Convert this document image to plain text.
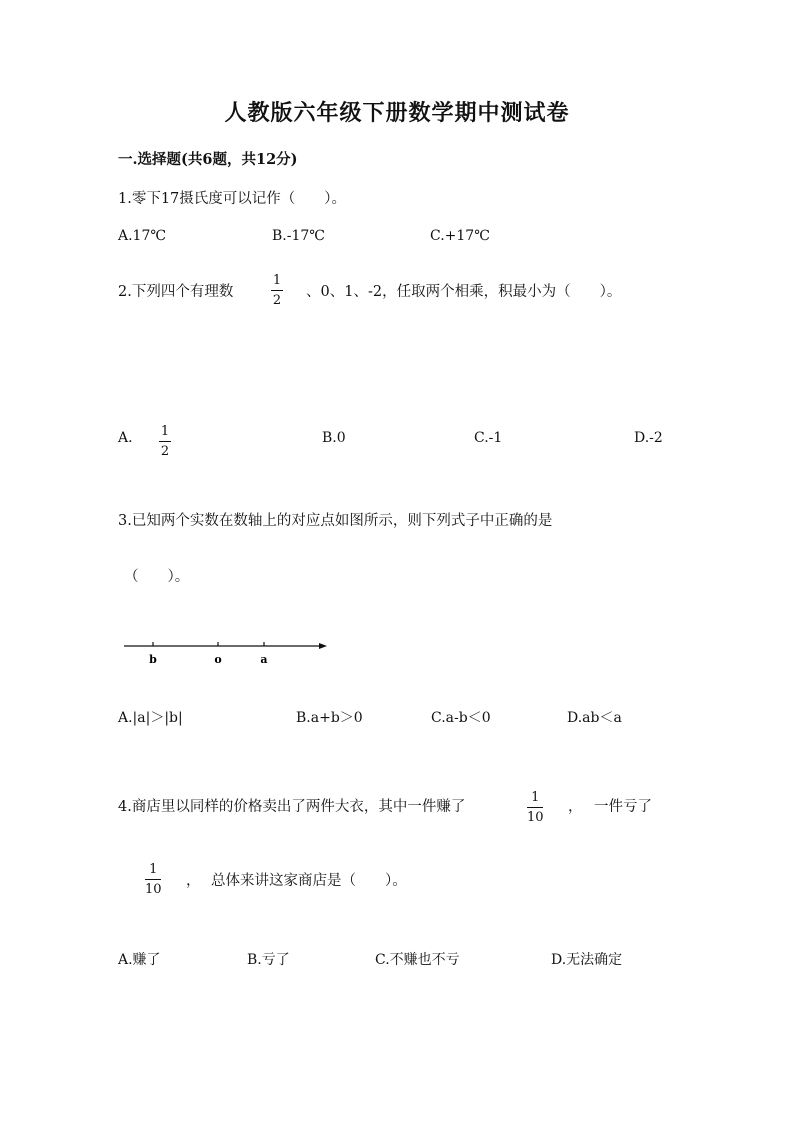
人教版六年级下册数学期中测试卷
一.选择题(共6题，共12分)
1.零下17摄氏度可以记作（　　）。
A.17℃	B.-17℃	C.+17℃
2.下列四个有理数
1
2
、0、1、-2，任取两个相乘，积最小为（　　）。
A. 1
2
B.0	C.-1	D.-2
3.已知两个实数在数轴上的对应点如图所示，则下列式子中正确的是
（　　）。
b	o	a
A.|a|＞|b|	B.a+b＞0	C.a-b＜0	D.ab＜a
4.商店里以同样的价格卖出了两件大衣，其中一件赚了
1
10
， 一件亏了
1
10
， 总体来讲这家商店是（　　）。
A.赚了	B.亏了	C.不赚也不亏	D.无法确定
